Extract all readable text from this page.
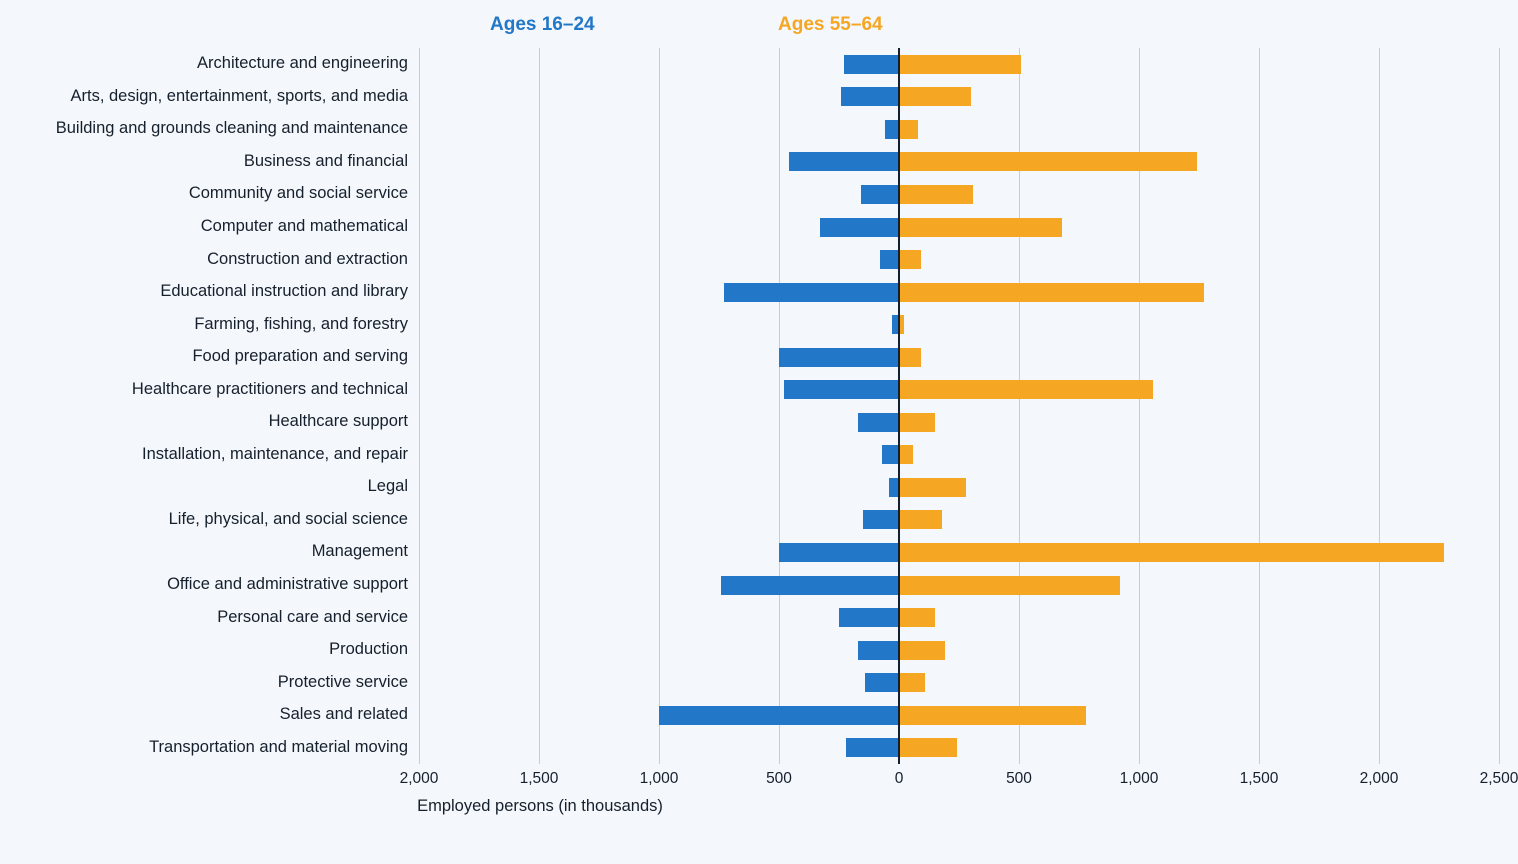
Ages 16–24	Ages 55–64
Architecture and engineering
Arts, design, entertainment, sports, and media
Building and grounds cleaning and maintenance
Business and financial
Community and social service
Computer and mathematical
Construction and extraction
Educational instruction and library
Farming, fishing, and forestry
Food preparation and serving
Healthcare practitioners and technical
Healthcare support
Installation, maintenance, and repair
Legal
Life, physical, and social science
Management
Office and administrative support
Personal care and service
Production
Protective service
Sales and related
Transportation and material moving
2,000	1,500	1,000	500	0	500	1,000	1,500	2,000	2,500
Employed persons (in thousands)
